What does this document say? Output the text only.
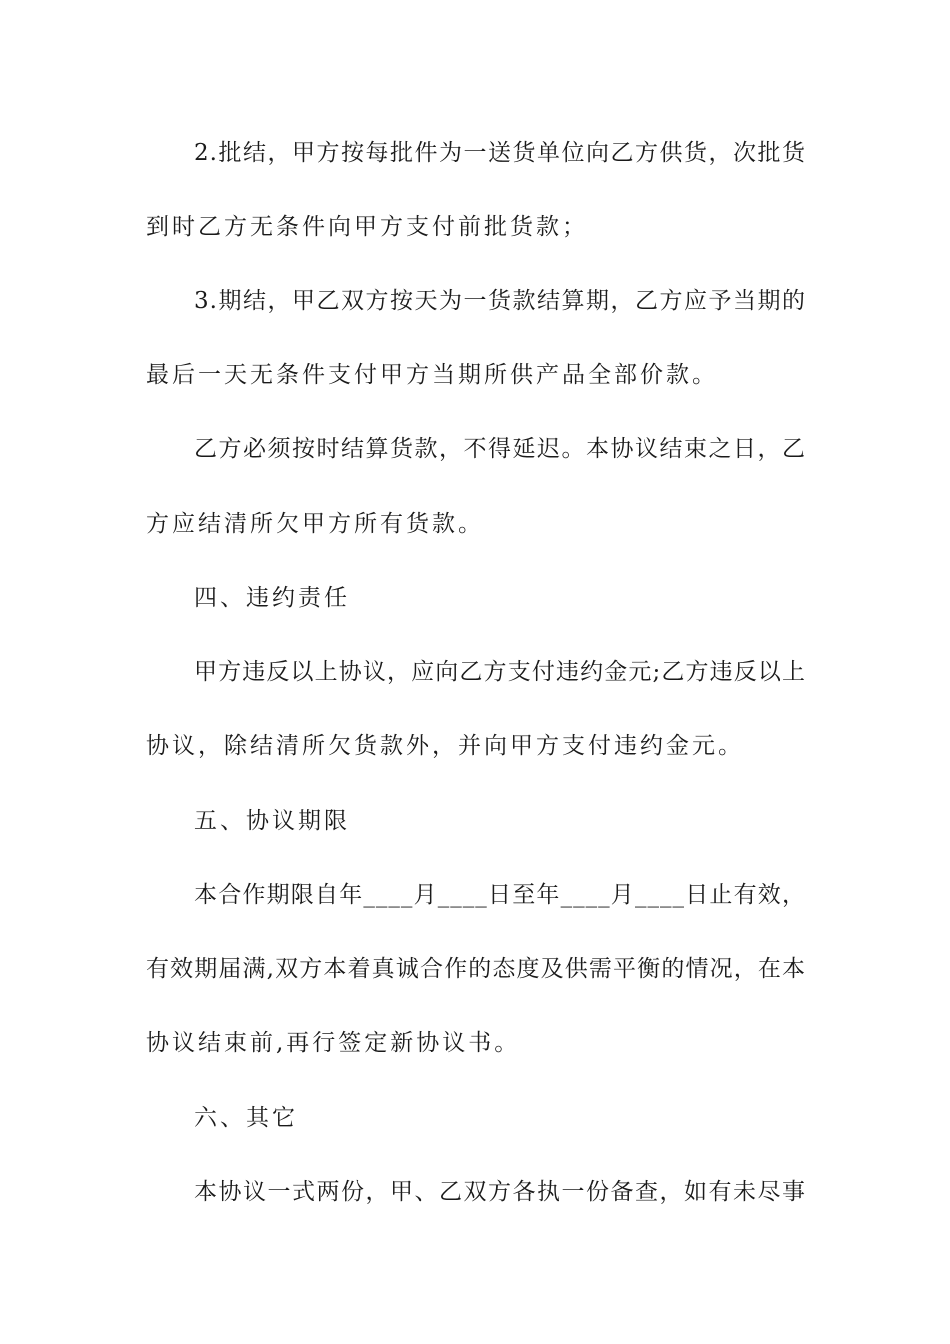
2.批结，甲方按每批件为一送货单位向乙方供货，次批货
到时乙方无条件向甲方支付前批货款；
3.期结，甲乙双方按天为一货款结算期，乙方应予当期的
最后一天无条件支付甲方当期所供产品全部价款。
乙方必须按时结算货款，不得延迟。本协议结束之日，乙
方应结清所欠甲方所有货款。
四、违约责任
甲方违反以上协议，应向乙方支付违约金元;乙方违反以上
协议，除结清所欠货款外，并向甲方支付违约金元。
五、协议期限
本合作期限自年____月____日至年____月____日止有效，
有效期届满,双方本着真诚合作的态度及供需平衡的情况，在本
协议结束前,再行签定新协议书。
六、其它
本协议一式两份，甲、乙双方各执一份备查，如有未尽事
